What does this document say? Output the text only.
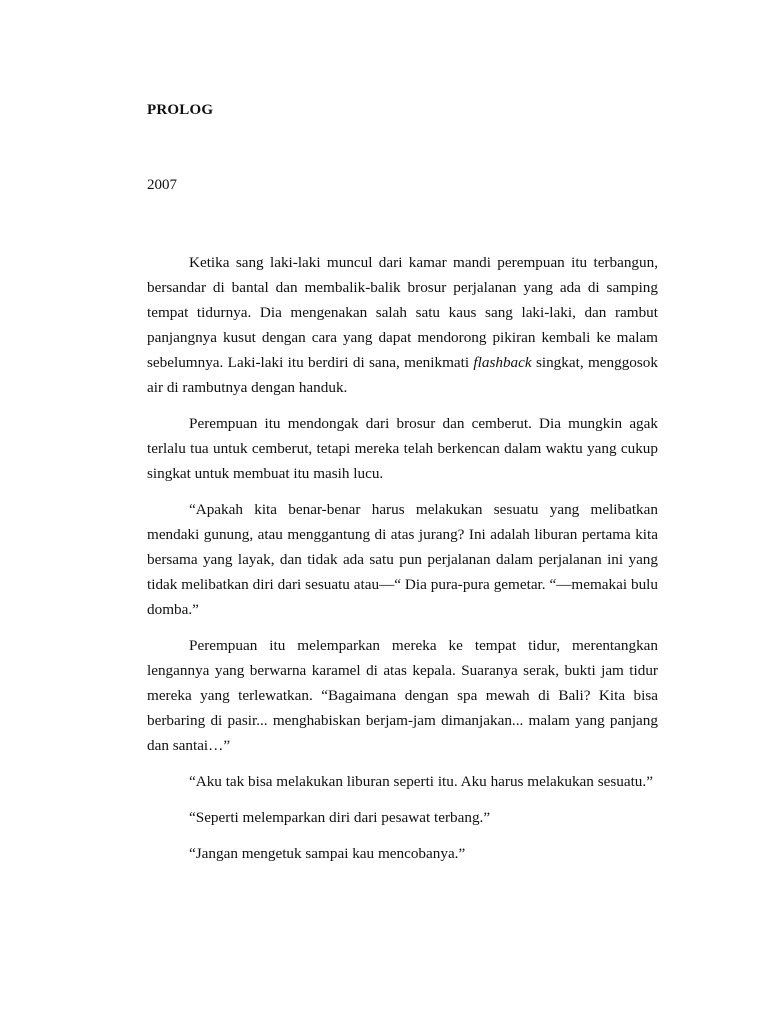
PROLOG
2007

Ketika sang laki-laki muncul dari kamar mandi perempuan itu terbangun, bersandar di bantal dan membalik-balik brosur perjalanan yang ada di samping tempat tidurnya. Dia mengenakan salah satu kaus sang laki-laki, dan rambut panjangnya kusut dengan cara yang dapat mendorong pikiran kembali ke malam sebelumnya. Laki-laki itu berdiri di sana, menikmati flashback singkat, menggosok air di rambutnya dengan handuk.

Perempuan itu mendongak dari brosur dan cemberut. Dia mungkin agak terlalu tua untuk cemberut, tetapi mereka telah berkencan dalam waktu yang cukup singkat untuk membuat itu masih lucu.

“Apakah kita benar-benar harus melakukan sesuatu yang melibatkan mendaki gunung, atau menggantung di atas jurang? Ini adalah liburan pertama kita bersama yang layak, dan tidak ada satu pun perjalanan dalam perjalanan ini yang tidak melibatkan diri dari sesuatu atau—“ Dia pura-pura gemetar. “—memakai bulu domba.”

Perempuan itu melemparkan mereka ke tempat tidur, merentangkan lengannya yang berwarna karamel di atas kepala. Suaranya serak, bukti jam tidur mereka yang terlewatkan. “Bagaimana dengan spa mewah di Bali? Kita bisa berbaring di pasir... menghabiskan berjam-jam dimanjakan... malam yang panjang dan santai…”

“Aku tak bisa melakukan liburan seperti itu. Aku harus melakukan sesuatu.”

“Seperti melemparkan diri dari pesawat terbang.”

“Jangan mengetuk sampai kau mencobanya.”
